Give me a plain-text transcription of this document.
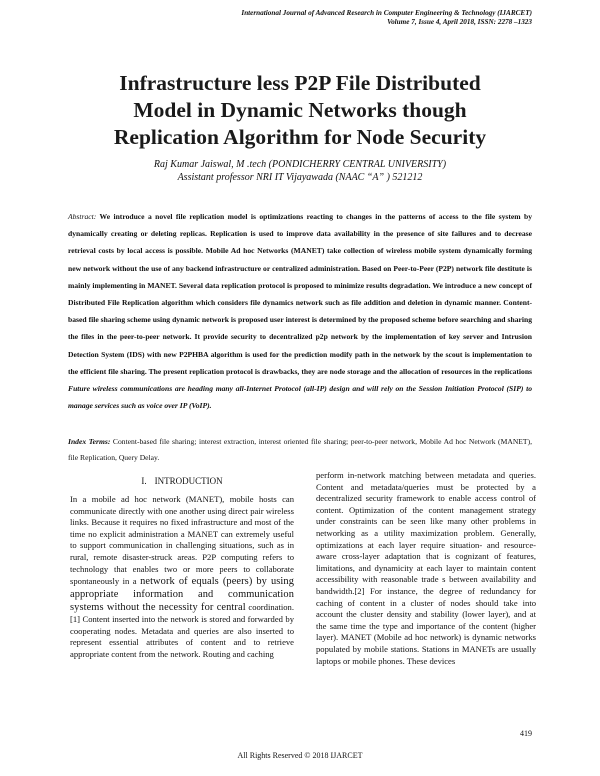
International Journal of Advanced Research in Computer Engineering & Technology (IJARCET)
Volume 7, Issue 4, April 2018, ISSN: 2278 –1323
Infrastructure less P2P File Distributed
Model in Dynamic Networks though
Replication Algorithm for Node Security
Raj Kumar Jaiswal, M .tech (PONDICHERRY CENTRAL UNIVERSITY)
Assistant professor NRI IT Vijayawada (NAAC “A” ) 521212
Abstract: We introduce a novel file replication model is optimizations reacting to changes in the patterns of access to the file system by dynamically creating or deleting replicas. Replication is used to improve data availability in the presence of site failures and to decrease retrieval costs by local access is possible. Mobile Ad hoc Networks (MANET) take collection of wireless mobile system dynamically forming new network without the use of any backend infrastructure or centralized administration. Based on Peer-to-Peer (P2P) network file destitute is mainly implementing in MANET. Several data replication protocol is proposed to minimize results degradation. We introduce a new concept of Distributed File Replication algorithm which considers file dynamics network such as file addition and deletion in dynamic manner. Content-based file sharing scheme using dynamic network is proposed user interest is determined by the proposed scheme before searching and sharing the files in the peer-to-peer network. It provide security to decentralized p2p network by the implementation of key server and Intrusion Detection System (IDS) with new P2PHBA algorithm is used for the prediction modify path in the network by the scout is implementation to the efficient file sharing. The present replication protocol is drawbacks, they are node storage and the allocation of resources in the replications Future wireless communications are heading many all-Internet Protocol (all-IP) design and will rely on the Session Initiation Protocol (SIP) to manage services such as voice over IP (VoIP).
Index Terms: Content-based file sharing; interest extraction, interest oriented file sharing; peer-to-peer network, Mobile Ad hoc Network (MANET), file Replication, Query Delay.
I. INTRODUCTION
In a mobile ad hoc network (MANET), mobile hosts can communicate directly with one another using direct pair wireless links. Because it requires no fixed infrastructure and most of the time no explicit administration a MANET can extremely useful to support communication in challenging situations, such as in rural, remote disaster-struck areas. P2P computing refers to technology that enables two or more peers to collaborate spontaneously in a network of equals (peers) by using appropriate information and communication systems without the necessity for central coordination.[1] Content inserted into the network is stored and forwarded by cooperating nodes. Metadata and queries are also inserted to represent essential attributes of content and to retrieve appropriate content from the network. Routing and caching
perform in-network matching between metadata and queries. Content and metadata/queries must be protected by a decentralized security framework to enable access control of content. Optimization of the content management strategy under constraints can be seen like many other problems in networking as a utility maximization problem. Generally, optimizations at each layer require situation- and resource-aware cross-layer adaptation that is cognizant of features, limitations, and dynamicity at each layer to maintain content accessibility with reasonable trade s between availability and bandwidth.[2] For instance, the degree of redundancy for caching of content in a cluster of nodes should take into account the cluster density and stability (lower layer), and at the same time the type and importance of the content (higher layer). MANET (Mobile ad hoc network) is dynamic networks populated by mobile stations. Stations in MANETs are usually laptops or mobile phones. These devices
419
All Rights Reserved © 2018 IJARCET
